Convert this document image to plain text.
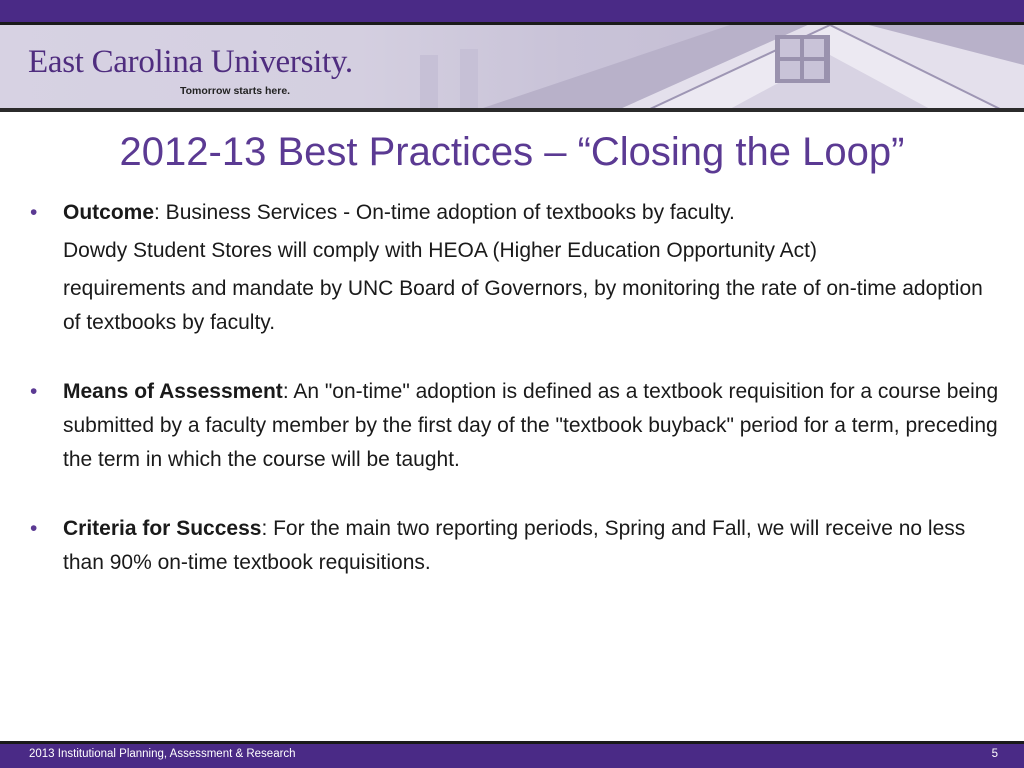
East Carolina University.
Tomorrow starts here.
2012-13 Best Practices – “Closing the Loop”
• Outcome: Business Services - On-time adoption of textbooks by faculty.
Dowdy Student Stores will comply with HEOA (Higher Education Opportunity Act)
requirements and mandate by UNC Board of Governors, by monitoring the rate of on-time adoption of textbooks by faculty.
• Means of Assessment: An "on-time" adoption is defined as a textbook requisition for a course being submitted by a faculty member by the first day of the "textbook buyback" period for a term, preceding the term in which the course will be taught.
• Criteria for Success: For the main two reporting periods, Spring and Fall, we will receive no less than 90% on-time textbook requisitions.
2013 Institutional Planning, Assessment & Research	5
